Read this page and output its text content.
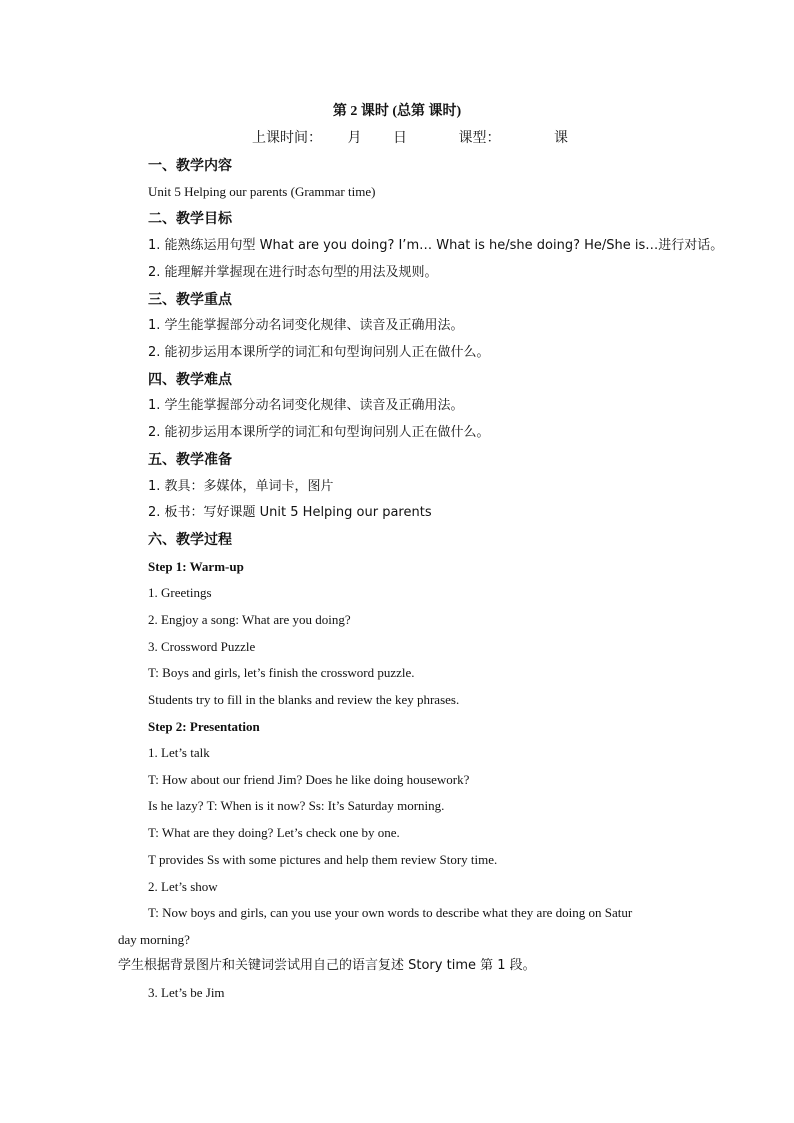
第 2 课时 (总第 课时)
上课时间： 月 日	课型：	课
一、教学内容
Unit 5 Helping our parents (Grammar time)
二、教学目标
1. 能熟练运用句型 What are you doing? I’m… What is he/she doing? He/She is…进行对话。
2. 能理解并掌握现在进行时态句型的用法及规则。
三、教学重点
1. 学生能掌握部分动名词变化规律、读音及正确用法。
2. 能初步运用本课所学的词汇和句型询问别人正在做什么。
四、教学难点
1. 学生能掌握部分动名词变化规律、读音及正确用法。
2. 能初步运用本课所学的词汇和句型询问别人正在做什么。
五、教学准备
1. 教具：多媒体，单词卡，图片
2. 板书：写好课题 Unit 5 Helping our parents
六、教学过程
Step 1: Warm-up
1. Greetings
2. Engjoy a song: What are you doing?
3. Crossword Puzzle
T: Boys and girls, let’s finish the crossword puzzle.
Students try to fill in the blanks and review the key phrases.
Step 2: Presentation
1. Let’s talk
T: How about our friend Jim? Does he like doing housework?
Is he lazy? T: When is it now? Ss: It’s Saturday morning.
T: What are they doing? Let’s check one by one.
T provides Ss with some pictures and help them review Story time.
2. Let’s show
T: Now boys and girls, can you use your own words to describe what they are doing on Satur
day morning?
学生根据背景图片和关键词尝试用自己的语言复述 Story time 第 1 段。
3. Let’s be Jim
